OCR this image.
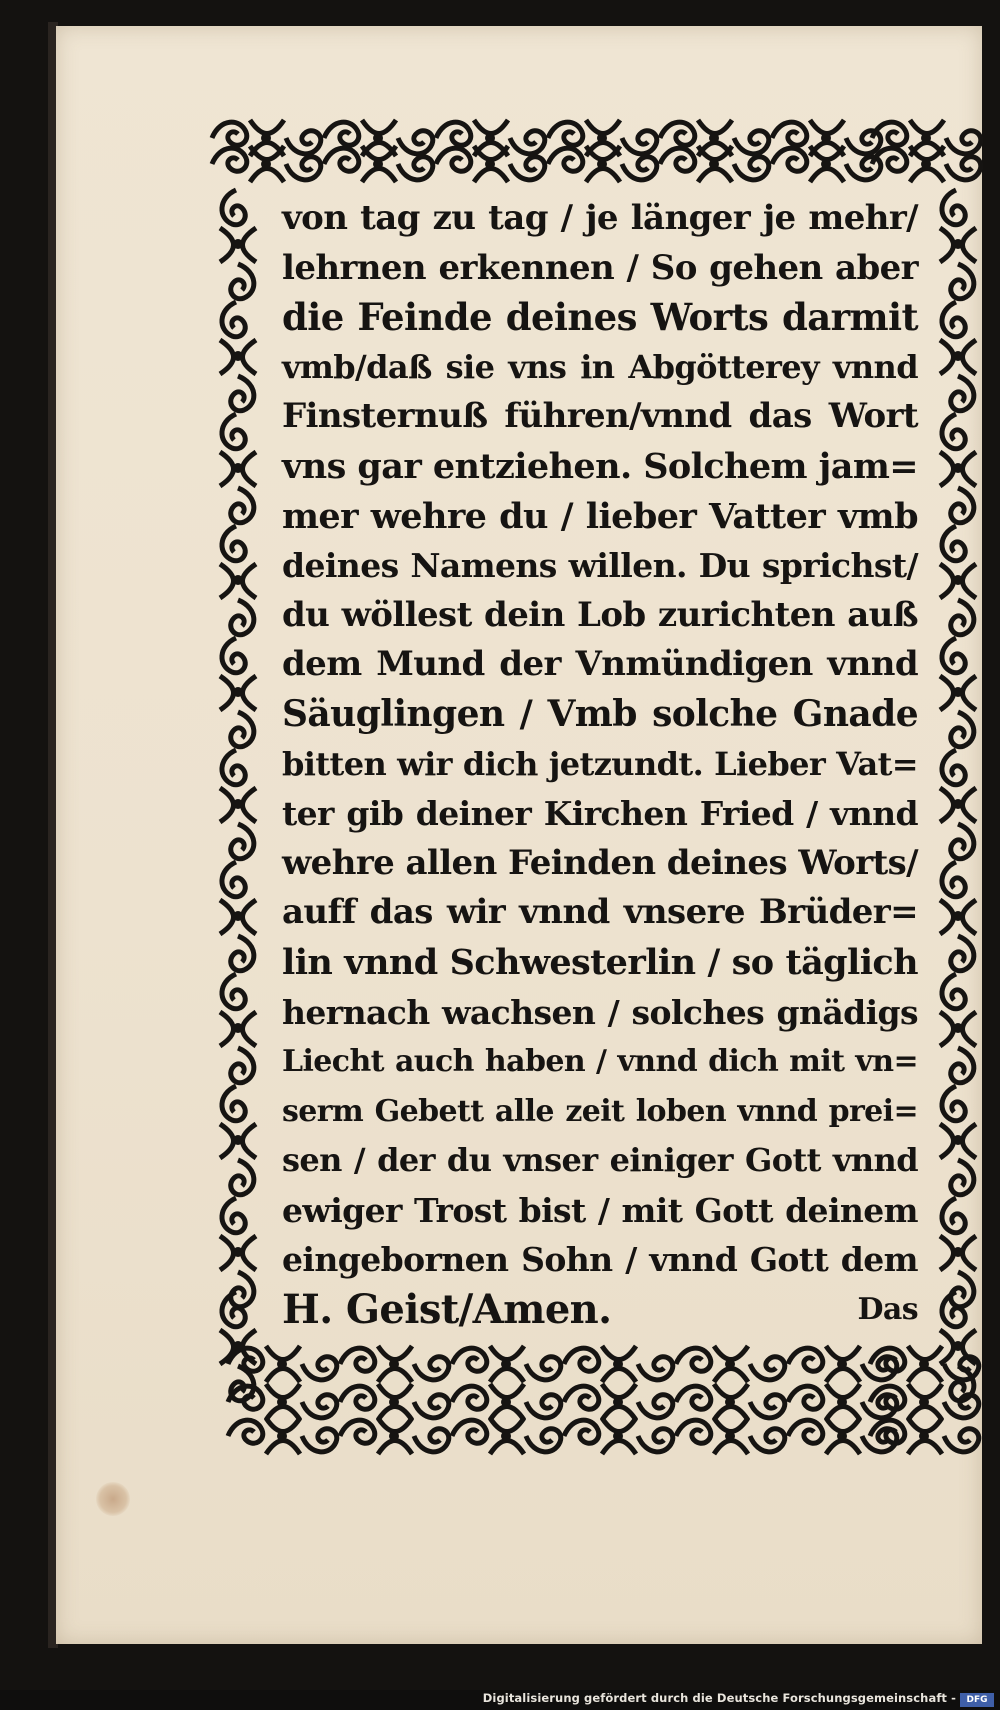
von tag zu tag / je länger je mehr/
lehrnen erkennen / So gehen aber
die Feinde deines Worts darmit
vmb/daß sie vns in Abgötterey vnnd
Finsternuß führen/vnnd das Wort
vns gar entziehen. Solchem jam=
mer wehre du / lieber Vatter vmb
deines Namens willen. Du sprichst/
du wöllest dein Lob zurichten auß
dem Mund der Vnmündigen vnnd
Säuglingen / Vmb solche Gnade
bitten wir dich jetzundt. Lieber Vat=
ter gib deiner Kirchen Fried / vnnd
wehre allen Feinden deines Worts/
auff das wir vnnd vnsere Brüder=
lin vnnd Schwesterlin / so täglich
hernach wachsen / solches gnädigs
Liecht auch haben / vnnd dich mit vn=
serm Gebett alle zeit loben vnnd prei=
sen / der du vnser einiger Gott vnnd
ewiger Trost bist / mit Gott deinem
eingebornen Sohn / vnnd Gott dem
H. Geist/Amen.	Das
Digitalisierung gefördert durch die Deutsche Forschungsgemeinschaft -	DFG
